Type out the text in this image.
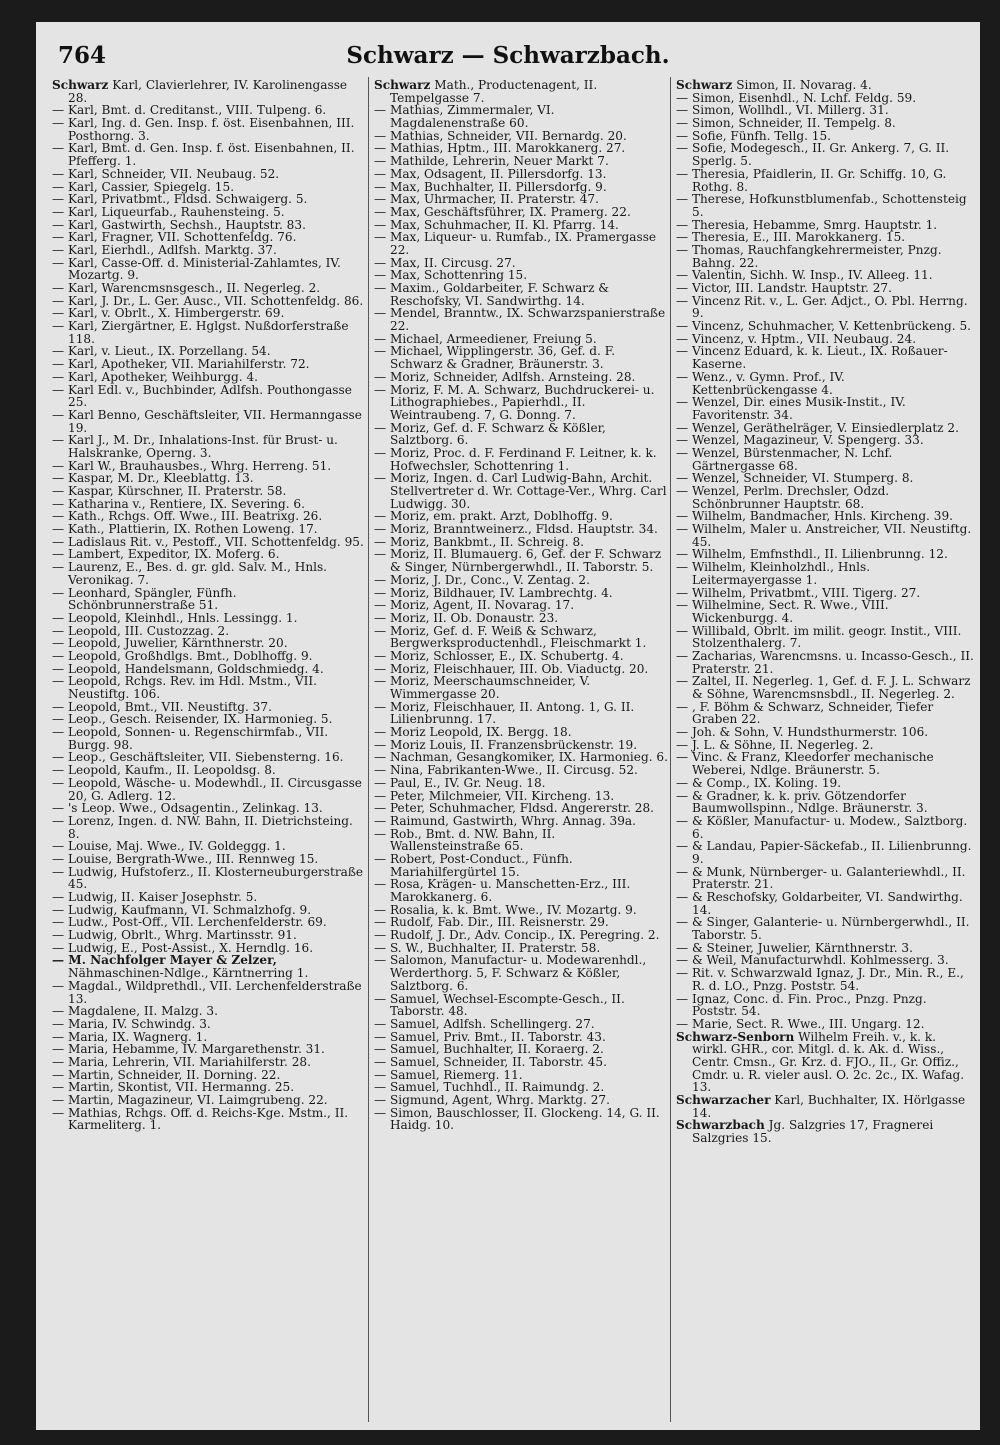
764	Schwarz — Schwarzbach.

Schwarz Karl, Clavierlehrer, IV. Karolinengasse 28.

— Karl, Bmt. d. Creditanst., VIII. Tulpeng. 6.

— Karl, Ing. d. Gen. Insp. f. öst. Eisenbahnen, III. Posthorng. 3.

— Karl, Bmt. d. Gen. Insp. f. öst. Eisenbahnen, II. Pfefferg. 1.

— Karl, Schneider, VII. Neubaug. 52.

— Karl, Cassier, Spiegelg. 15.

— Karl, Privatbmt., Fldsd. Schwaigerg. 5.

— Karl, Liqueurfab., Rauhensteing. 5.

— Karl, Gastwirth, Sechsh., Hauptstr. 83.

— Karl, Fragner, VII. Schottenfeldg. 76.

— Karl, Eierhdl., Adlfsh. Marktg. 37.

— Karl, Casse-Off. d. Ministerial-Zahlamtes, IV. Mozartg. 9.

— Karl, Warencmsnsgesch., II. Negerleg. 2.

— Karl, J. Dr., L. Ger. Ausc., VII. Schottenfeldg. 86.

— Karl, v. Obrlt., X. Himbergerstr. 69.

— Karl, Ziergärtner, E. Hglgst. Nußdorferstraße 118.

— Karl, v. Lieut., IX. Porzellang. 54.

— Karl, Apotheker, VII. Mariahilferstr. 72.

— Karl, Apotheker, Weihburgg. 4.

— Karl Edl. v., Buchbinder, Adlfsh. Pouthongasse 25.

— Karl Benno, Geschäftsleiter, VII. Hermanngasse 19.

— Karl J., M. Dr., Inhalations-Inst. für Brust- u. Halskranke, Operng. 3.

— Karl W., Brauhausbes., Whrg. Herreng. 51.

— Kaspar, M. Dr., Kleeblattg. 13.

— Kaspar, Kürschner, II. Praterstr. 58.

— Katharina v., Rentiere, IX. Severing. 6.

— Kath., Rchgs. Off. Wwe., III. Beatrixg. 26.

— Kath., Plattierin, IX. Rothen Loweng. 17.

— Ladislaus Rit. v., Pestoff., VII. Schottenfeldg. 95.

— Lambert, Expeditor, IX. Moferg. 6.

— Laurenz, E., Bes. d. gr. gld. Salv. M., Hnls. Veronikag. 7.

— Leonhard, Spängler, Fünfh. Schönbrunnerstraße 51.

— Leopold, Kleinhdl., Hnls. Lessingg. 1.

— Leopold, III. Custozzag. 2.

— Leopold, Juwelier, Kärnthnerstr. 20.

— Leopold, Großhdlgs. Bmt., Doblhoffg. 9.

— Leopold, Handelsmann, Goldschmiedg. 4.

— Leopold, Rchgs. Rev. im Hdl. Mstm., VII. Neustiftg. 106.

— Leopold, Bmt., VII. Neustiftg. 37.

— Leop., Gesch. Reisender, IX. Harmonieg. 5.

— Leopold, Sonnen- u. Regenschirmfab., VII. Burgg. 98.

— Leop., Geschäftsleiter, VII. Siebensterng. 16.

— Leopold, Kaufm., II. Leopoldsg. 8.

— Leopold, Wäsche- u. Modewhdl., II. Circusgasse 20, G. Adlerg. 12.

— 's Leop. Wwe., Odsagentin., Zelinkag. 13.

— Lorenz, Ingen. d. NW. Bahn, II. Dietrichsteing. 8.

— Louise, Maj. Wwe., IV. Goldeggg. 1.

— Louise, Bergrath-Wwe., III. Rennweg 15.

— Ludwig, Hufstoferz., II. Klosterneuburgerstraße 45.

— Ludwig, II. Kaiser Josephstr. 5.

— Ludwig, Kaufmann, VI. Schmalzhofg. 9.

— Ludw., Post-Off., VII. Lerchenfelderstr. 69.

— Ludwig, Obrlt., Whrg. Martinsstr. 91.

— Ludwig, E., Post-Assist., X. Herndlg. 16.

— M. Nachfolger Mayer & Zelzer, Nähmaschinen-Ndlge., Kärntnerring 1.

— Magdal., Wildprethdl., VII. Lerchenfelderstraße 13.

— Magdalene, II. Malzg. 3.

— Maria, IV. Schwindg. 3.

— Maria, IX. Wagnerg. 1.

— Maria, Hebamme, IV. Margarethenstr. 31.

— Maria, Lehrerin, VII. Mariahilferstr. 28.

— Martin, Schneider, II. Dorning. 22.

— Martin, Skontist, VII. Hermanng. 25.

— Martin, Magazineur, VI. Laimgrubeng. 22.

— Mathias, Rchgs. Off. d. Reichs-Kge. Mstm., II. Karmeliterg. 1.

Schwarz Math., Productenagent, II. Tempelgasse 7.

— Mathias, Zimmermaler, VI. Magdalenenstraße 60.

— Mathias, Schneider, VII. Bernardg. 20.

— Mathias, Hptm., III. Marokkanerg. 27.

— Mathilde, Lehrerin, Neuer Markt 7.

— Max, Odsagent, II. Pillersdorfg. 13.

— Max, Buchhalter, II. Pillersdorfg. 9.

— Max, Uhrmacher, II. Praterstr. 47.

— Max, Geschäftsführer, IX. Pramerg. 22.

— Max, Schuhmacher, II. Kl. Pfarrg. 14.

— Max, Liqueur- u. Rumfab., IX. Pramergasse 22.

— Max, II. Circusg. 27.

— Max, Schottenring 15.

— Maxim., Goldarbeiter, F. Schwarz & Reschofsky, VI. Sandwirthg. 14.

— Mendel, Branntw., IX. Schwarzspanierstraße 22.

— Michael, Armeediener, Freiung 5.

— Michael, Wipplingerstr. 36, Gef. d. F. Schwarz & Gradner, Bräunerstr. 3.

— Moriz, Schneider, Adlfsh. Arnsteing. 28.

— Moriz, F. M. A. Schwarz, Buchdruckerei- u. Lithographiebes., Papierhdl., II. Weintraubeng. 7, G. Donng. 7.

— Moriz, Gef. d. F. Schwarz & Kößler, Salztborg. 6.

— Moriz, Proc. d. F. Ferdinand F. Leitner, k. k. Hofwechsler, Schottenring 1.

— Moriz, Ingen. d. Carl Ludwig-Bahn, Archit. Stellvertreter d. Wr. Cottage-Ver., Whrg. Carl Ludwigg. 30.

— Moriz, em. prakt. Arzt, Doblhoffg. 9.

— Moriz, Branntweinerz., Fldsd. Hauptstr. 34.

— Moriz, Bankbmt., II. Schreig. 8.

— Moriz, II. Blumauerg. 6, Gef. der F. Schwarz & Singer, Nürnbergerwhdl., II. Taborstr. 5.

— Moriz, J. Dr., Conc., V. Zentag. 2.

— Moriz, Bildhauer, IV. Lambrechtg. 4.

— Moriz, Agent, II. Novarag. 17.

— Moriz, II. Ob. Donaustr. 23.

— Moriz, Gef. d. F. Weiß & Schwarz, Bergwerksproductenhdl., Fleischmarkt 1.

— Moriz, Schlosser, E., IX. Schubertg. 4.

— Moriz, Fleischhauer, III. Ob. Viaductg. 20.

— Moriz, Meerschaumschneider, V. Wimmergasse 20.

— Moriz, Fleischhauer, II. Antong. 1, G. II. Lilienbrunng. 17.

— Moriz Leopold, IX. Bergg. 18.

— Moriz Louis, II. Franzensbrückenstr. 19.

— Nachman, Gesangkomiker, IX. Harmonieg. 6.

— Nina, Fabrikanten-Wwe., II. Circusg. 52.

— Paul, E., IV. Gr. Neug. 18.

— Peter, Milchmeier, VII. Kircheng. 13.

— Peter, Schuhmacher, Fldsd. Angererstr. 28.

— Raimund, Gastwirth, Whrg. Annag. 39a.

— Rob., Bmt. d. NW. Bahn, II. Wallensteinstraße 65.

— Robert, Post-Conduct., Fünfh. Mariahilfergürtel 15.

— Rosa, Krägen- u. Manschetten-Erz., III. Marokkanerg. 6.

— Rosalia, k. k. Bmt. Wwe., IV. Mozartg. 9.

— Rudolf, Fab. Dir., III. Reisnerstr. 29.

— Rudolf, J. Dr., Adv. Concip., IX. Peregring. 2.

— S. W., Buchhalter, II. Praterstr. 58.

— Salomon, Manufactur- u. Modewarenhdl., Werderthorg. 5, F. Schwarz & Kößler, Salztborg. 6.

— Samuel, Wechsel-Escompte-Gesch., II. Taborstr. 48.

— Samuel, Adlfsh. Schellingerg. 27.

— Samuel, Priv. Bmt., II. Taborstr. 43.

— Samuel, Buchhalter, II. Koraerg. 2.

— Samuel, Schneider, II. Taborstr. 45.

— Samuel, Riemerg. 11.

— Samuel, Tuchhdl., II. Raimundg. 2.

— Sigmund, Agent, Whrg. Marktg. 27.

— Simon, Bauschlosser, II. Glockeng. 14, G. II. Haidg. 10.

Schwarz Simon, II. Novarag. 4.

— Simon, Eisenhdl., N. Lchf. Feldg. 59.

— Simon, Wollhdl., VI. Millerg. 31.

— Simon, Schneider, II. Tempelg. 8.

— Sofie, Fünfh. Tellg. 15.

— Sofie, Modegesch., II. Gr. Ankerg. 7, G. II. Sperlg. 5.

— Theresia, Pfaidlerin, II. Gr. Schiffg. 10, G. Rothg. 8.

— Therese, Hofkunstblumenfab., Schottensteig 5.

— Theresia, Hebamme, Smrg. Hauptstr. 1.

— Theresia, E., III. Marokkanerg. 15.

— Thomas, Rauchfangkehrermeister, Pnzg. Bahng. 22.

— Valentin, Sichh. W. Insp., IV. Alleeg. 11.

— Victor, III. Landstr. Hauptstr. 27.

— Vincenz Rit. v., L. Ger. Adjct., O. Pbl. Herrng. 9.

— Vincenz, Schuhmacher, V. Kettenbrückeng. 5.

— Vincenz, v. Hptm., VII. Neubaug. 24.

— Vincenz Eduard, k. k. Lieut., IX. Roßauer-Kaserne.

— Wenz., v. Gymn. Prof., IV. Kettenbrückengasse 4.

— Wenzel, Dir. eines Musik-Instit., IV. Favoritenstr. 34.

— Wenzel, Geräthelräger, V. Einsiedlerplatz 2.

— Wenzel, Magazineur, V. Spengerg. 33.

— Wenzel, Bürstenmacher, N. Lchf. Gärtnergasse 68.

— Wenzel, Schneider, VI. Stumperg. 8.

— Wenzel, Perlm. Drechsler, Odzd. Schönbrunner Hauptstr. 68.

— Wilhelm, Bandmacher, Hnls. Kircheng. 39.

— Wilhelm, Maler u. Anstreicher, VII. Neustiftg. 45.

— Wilhelm, Emfnsthdl., II. Lilienbrunng. 12.

— Wilhelm, Kleinholzhdl., Hnls. Leitermayergasse 1.

— Wilhelm, Privatbmt., VIII. Tigerg. 27.

— Wilhelmine, Sect. R. Wwe., VIII. Wickenburgg. 4.

— Willibald, Obrlt. im milit. geogr. Instit., VIII. Stolzenthalerg. 7.

— Zacharias, Warencmsns. u. Incasso-Gesch., II. Praterstr. 21.

— Zaltel, II. Negerleg. 1, Gef. d. F. J. L. Schwarz & Söhne, Warencmsnsbdl., II. Negerleg. 2.

— , F. Böhm & Schwarz, Schneider, Tiefer Graben 22.

— Joh. & Sohn, V. Hundsthurmerstr. 106.

— J. L. & Söhne, II. Negerleg. 2.

— Vinc. & Franz, Kleedorfer mechanische Weberei, Ndlge. Bräunerstr. 5.

— & Comp., IX. Koling. 19.

— & Gradner, k. k. priv. Götzendorfer Baumwollspinn., Ndlge. Bräunerstr. 3.

— & Kößler, Manufactur- u. Modew., Salztborg. 6.

— & Landau, Papier-Säckefab., II. Lilienbrunng. 9.

— & Munk, Nürnberger- u. Galanteriewhdl., II. Praterstr. 21.

— & Reschofsky, Goldarbeiter, VI. Sandwirthg. 14.

— & Singer, Galanterie- u. Nürnbergerwhdl., II. Taborstr. 5.

— & Steiner, Juwelier, Kärnthnerstr. 3.

— & Weil, Manufacturwhdl. Kohlmesserg. 3.

— Rit. v. Schwarzwald Ignaz, J. Dr., Min. R., E., R. d. LO., Pnzg. Poststr. 54.

— Ignaz, Conc. d. Fin. Proc., Pnzg. Pnzg. Poststr. 54.

— Marie, Sect. R. Wwe., III. Ungarg. 12.

Schwarz-Senborn Wilhelm Freih. v., k. k. wirkl. GHR., cor. Mitgl. d. k. Ak. d. Wiss., Centr. Cmsn., Gr. Krz. d. FJO., II., Gr. Offiz., Cmdr. u. R. vieler ausl. O. 2c. 2c., IX. Wafag. 13.

Schwarzacher Karl, Buchhalter, IX. Hörlgasse 14.

Schwarzbach Jg. Salzgries 17, Fragnerei Salzgries 15.
